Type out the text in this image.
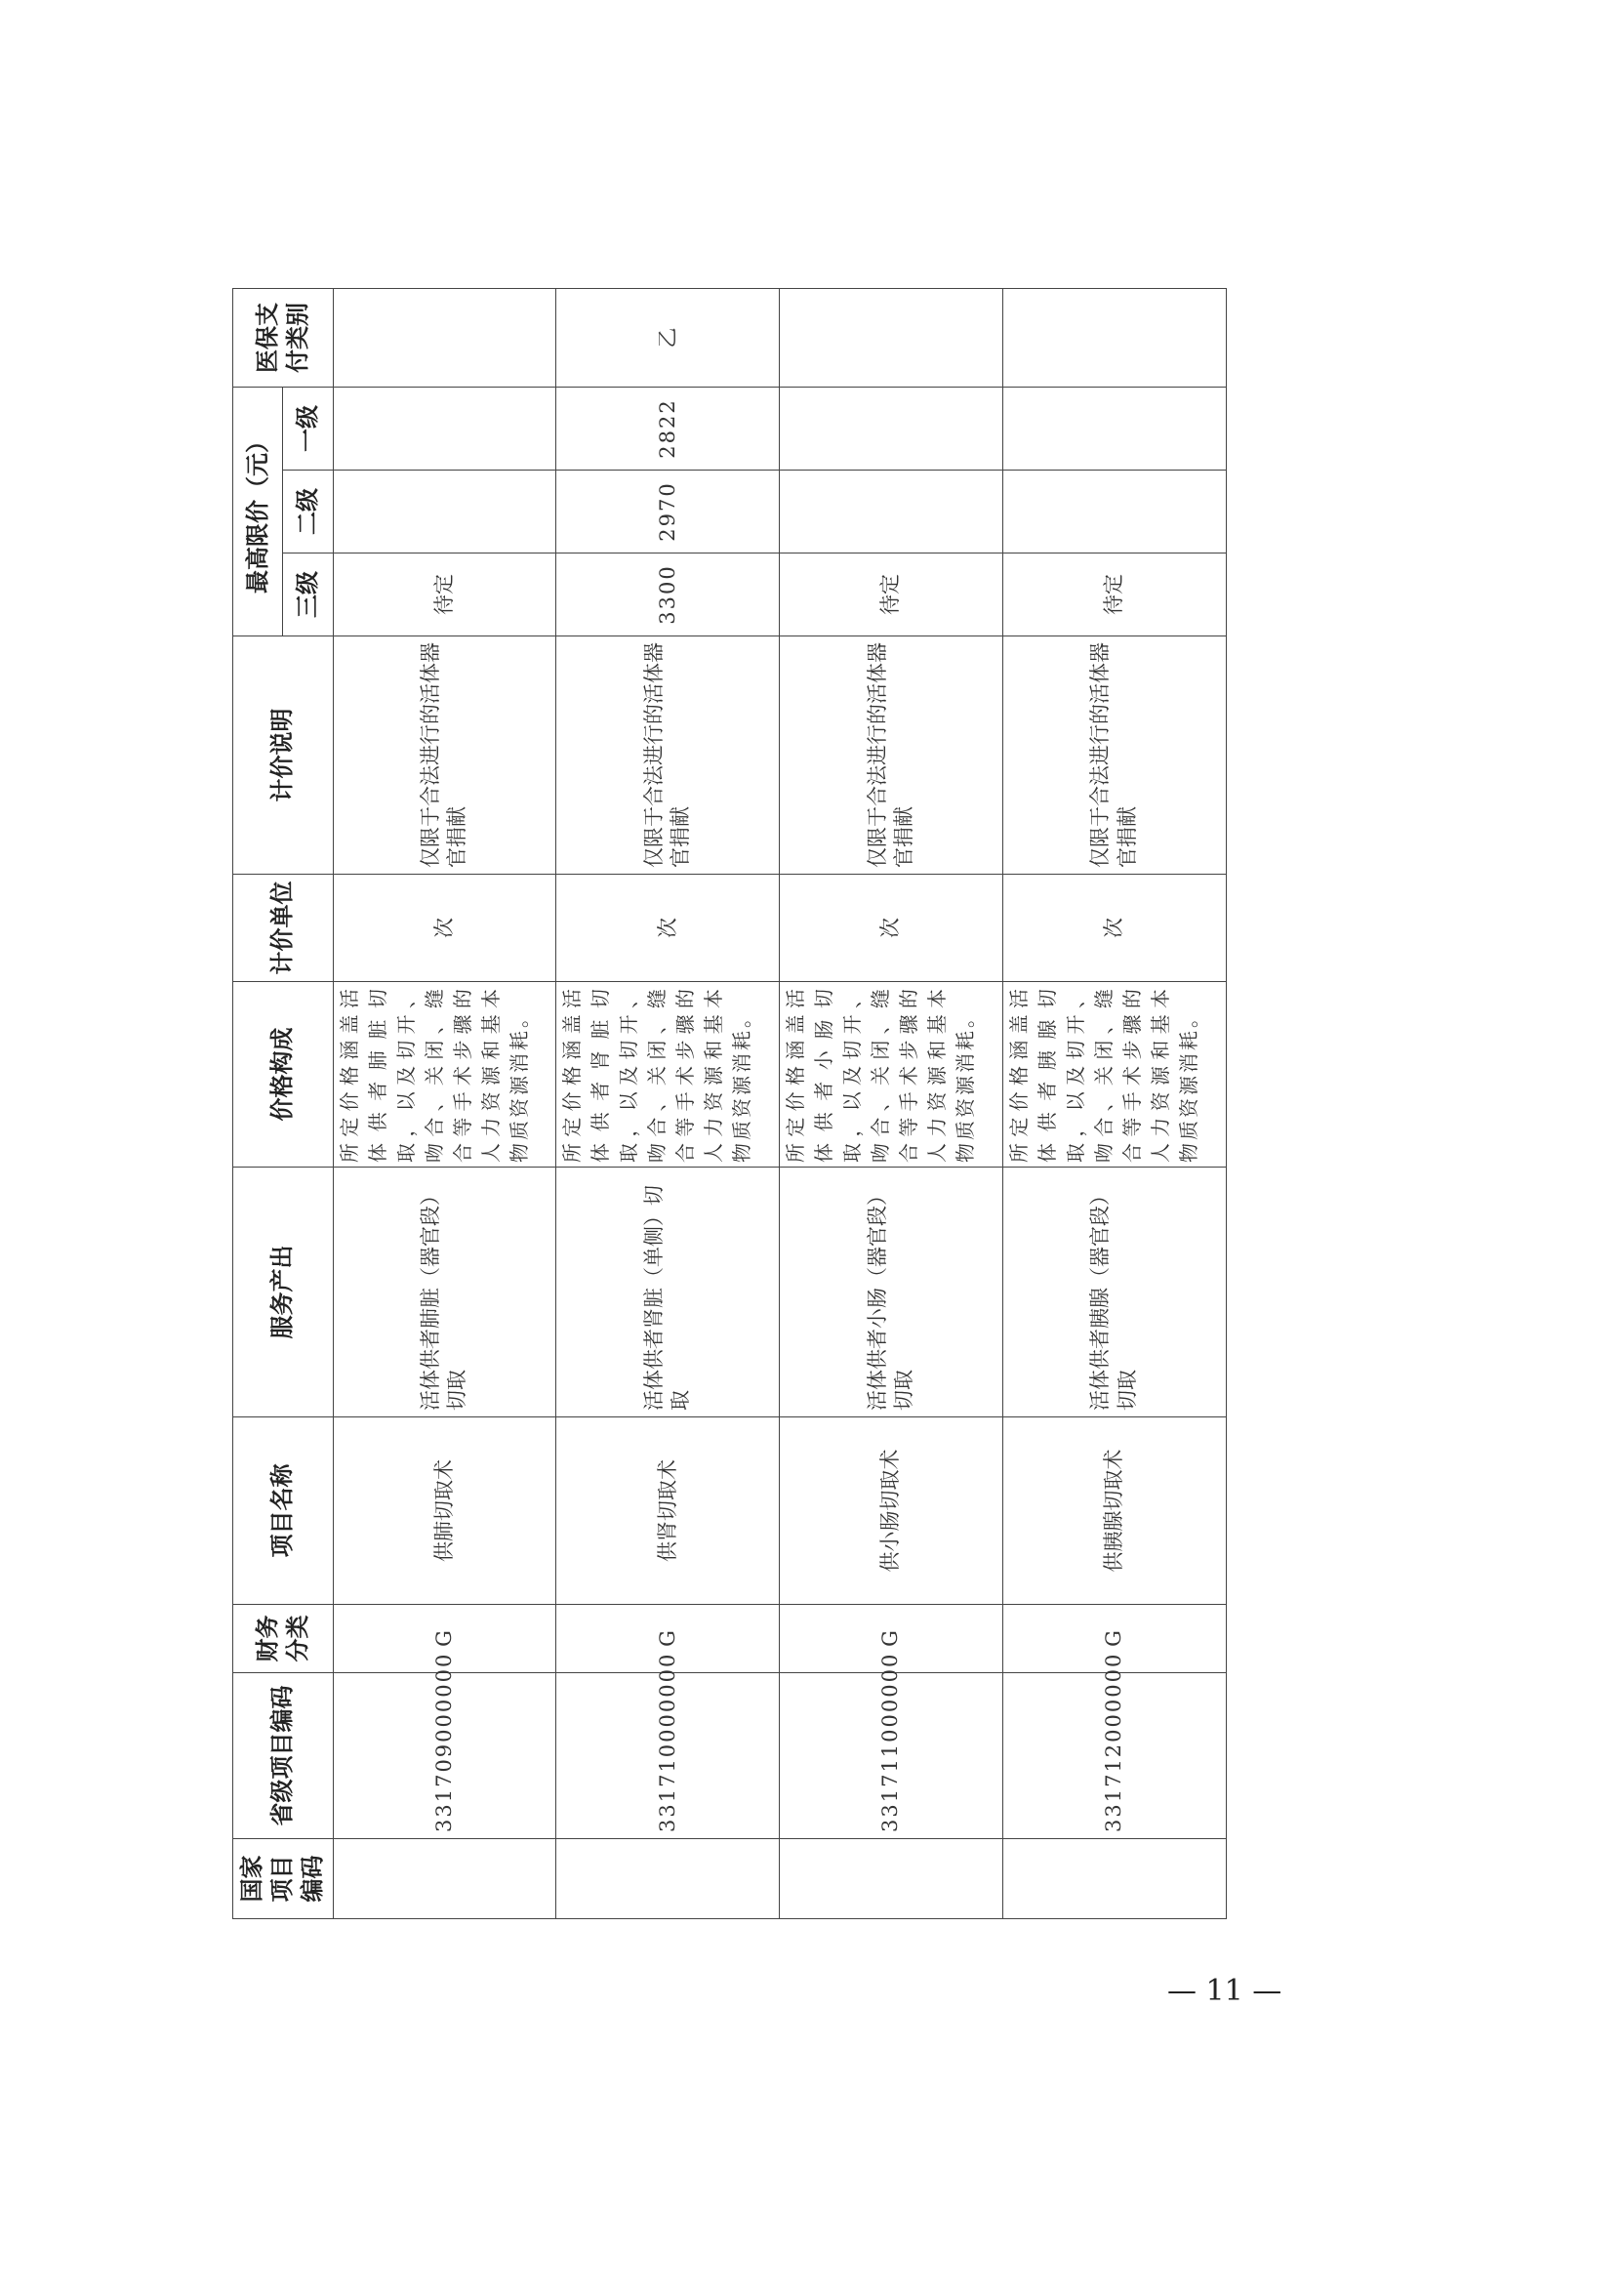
国家项目编码	省级项目编码	财务分类	项目名称	服务产出	价格构成	计价单位	计价说明	最高限价（元）			医保支付类别
								三级	二级	一级	
	331709000000	G	供肺切取术	活体供者肺脏（器官段）切取	所定价格涵盖活体供者肺脏切取，以及切开、吻合、关闭、缝合等手术步骤的人力资源和基本物质资源消耗。	次	仅限于合法进行的活体器官捐献	待定			
	331710000000	G	供肾切取术	活体供者肾脏（单侧）切取	所定价格涵盖活体供者肾脏切取，以及切开、吻合、关闭、缝合等手术步骤的人力资源和基本物质资源消耗。	次	仅限于合法进行的活体器官捐献	3300	2970	2822	乙
	331711000000	G	供小肠切取术	活体供者小肠（器官段）切取	所定价格涵盖活体供者小肠切取，以及切开、吻合、关闭、缝合等手术步骤的人力资源和基本物质资源消耗。	次	仅限于合法进行的活体器官捐献	待定			
	331712000000	G	供胰腺切取术	活体供者胰腺（器官段）切取	所定价格涵盖活体供者胰腺切取，以及切开、吻合、关闭、缝合等手术步骤的人力资源和基本物质资源消耗。	次	仅限于合法进行的活体器官捐献	待定			
— 11 —
